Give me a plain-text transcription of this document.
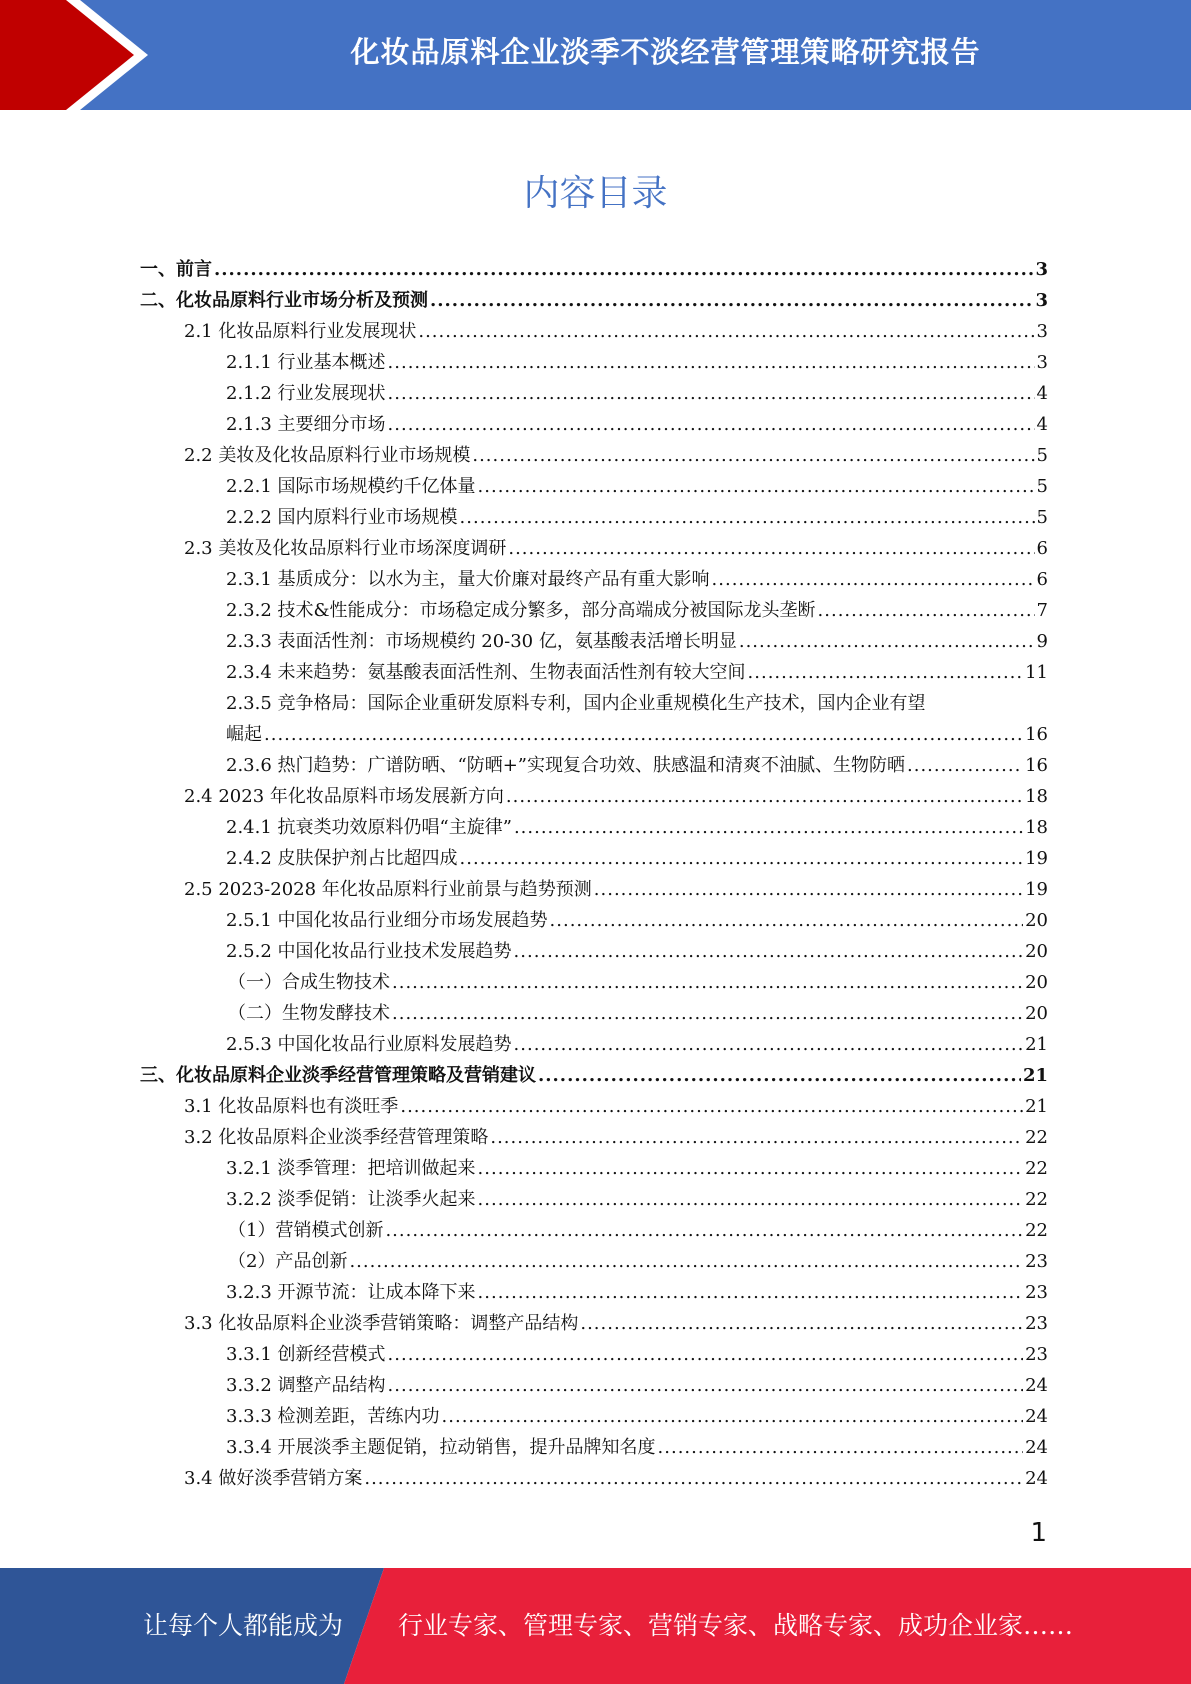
化妆品原料企业淡季不淡经营管理策略研究报告
内容目录
一、前言 .....	3
二、化妆品原料行业市场分析及预测 .....	3
2.1 化妆品原料行业发展现状 .....	3
2.1.1 行业基本概述 .....	3
2.1.2 行业发展现状 .....	4
2.1.3 主要细分市场 .....	4
2.2 美妆及化妆品原料行业市场规模 .....	5
2.2.1 国际市场规模约千亿体量 .....	5
2.2.2 国内原料行业市场规模 .....	5
2.3 美妆及化妆品原料行业市场深度调研 .....	6
2.3.1 基质成分：以水为主，量大价廉对最终产品有重大影响 .....	6
2.3.2 技术&性能成分：市场稳定成分繁多，部分高端成分被国际龙头垄断 .....	7
2.3.3 表面活性剂：市场规模约 20-30 亿，氨基酸表活增长明显 .....	9
2.3.4 未来趋势：氨基酸表面活性剂、生物表面活性剂有较大空间 .....	11
2.3.5 竞争格局：国际企业重研发原料专利，国内企业重规模化生产技术，国内企业有望
崛起 .....	16
2.3.6 热门趋势：广谱防晒、“防晒+”实现复合功效、肤感温和清爽不油腻、生物防晒 .....	16
2.4 2023 年化妆品原料市场发展新方向 .....	18
2.4.1 抗衰类功效原料仍唱“主旋律” .....	18
2.4.2 皮肤保护剂占比超四成 .....	19
2.5 2023-2028 年化妆品原料行业前景与趋势预测 .....	19
2.5.1 中国化妆品行业细分市场发展趋势 .....	20
2.5.2 中国化妆品行业技术发展趋势 .....	20
（一）合成生物技术 .....	20
（二）生物发酵技术 .....	20
2.5.3 中国化妆品行业原料发展趋势 .....	21
三、化妆品原料企业淡季经营管理策略及营销建议 .....	21
3.1 化妆品原料也有淡旺季 .....	21
3.2 化妆品原料企业淡季经营管理策略 .....	22
3.2.1 淡季管理：把培训做起来 .....	22
3.2.2 淡季促销：让淡季火起来 .....	22
（1）营销模式创新 .....	22
（2）产品创新 .....	23
3.2.3 开源节流：让成本降下来 .....	23
3.3 化妆品原料企业淡季营销策略：调整产品结构 .....	23
3.3.1 创新经营模式 .....	23
3.3.2 调整产品结构 .....	24
3.3.3 检测差距，苦练内功 .....	24
3.3.4 开展淡季主题促销，拉动销售，提升品牌知名度 .....	24
3.4 做好淡季营销方案 .....	24
1
让每个人都能成为 行业专家、管理专家、营销专家、战略专家、成功企业家……
